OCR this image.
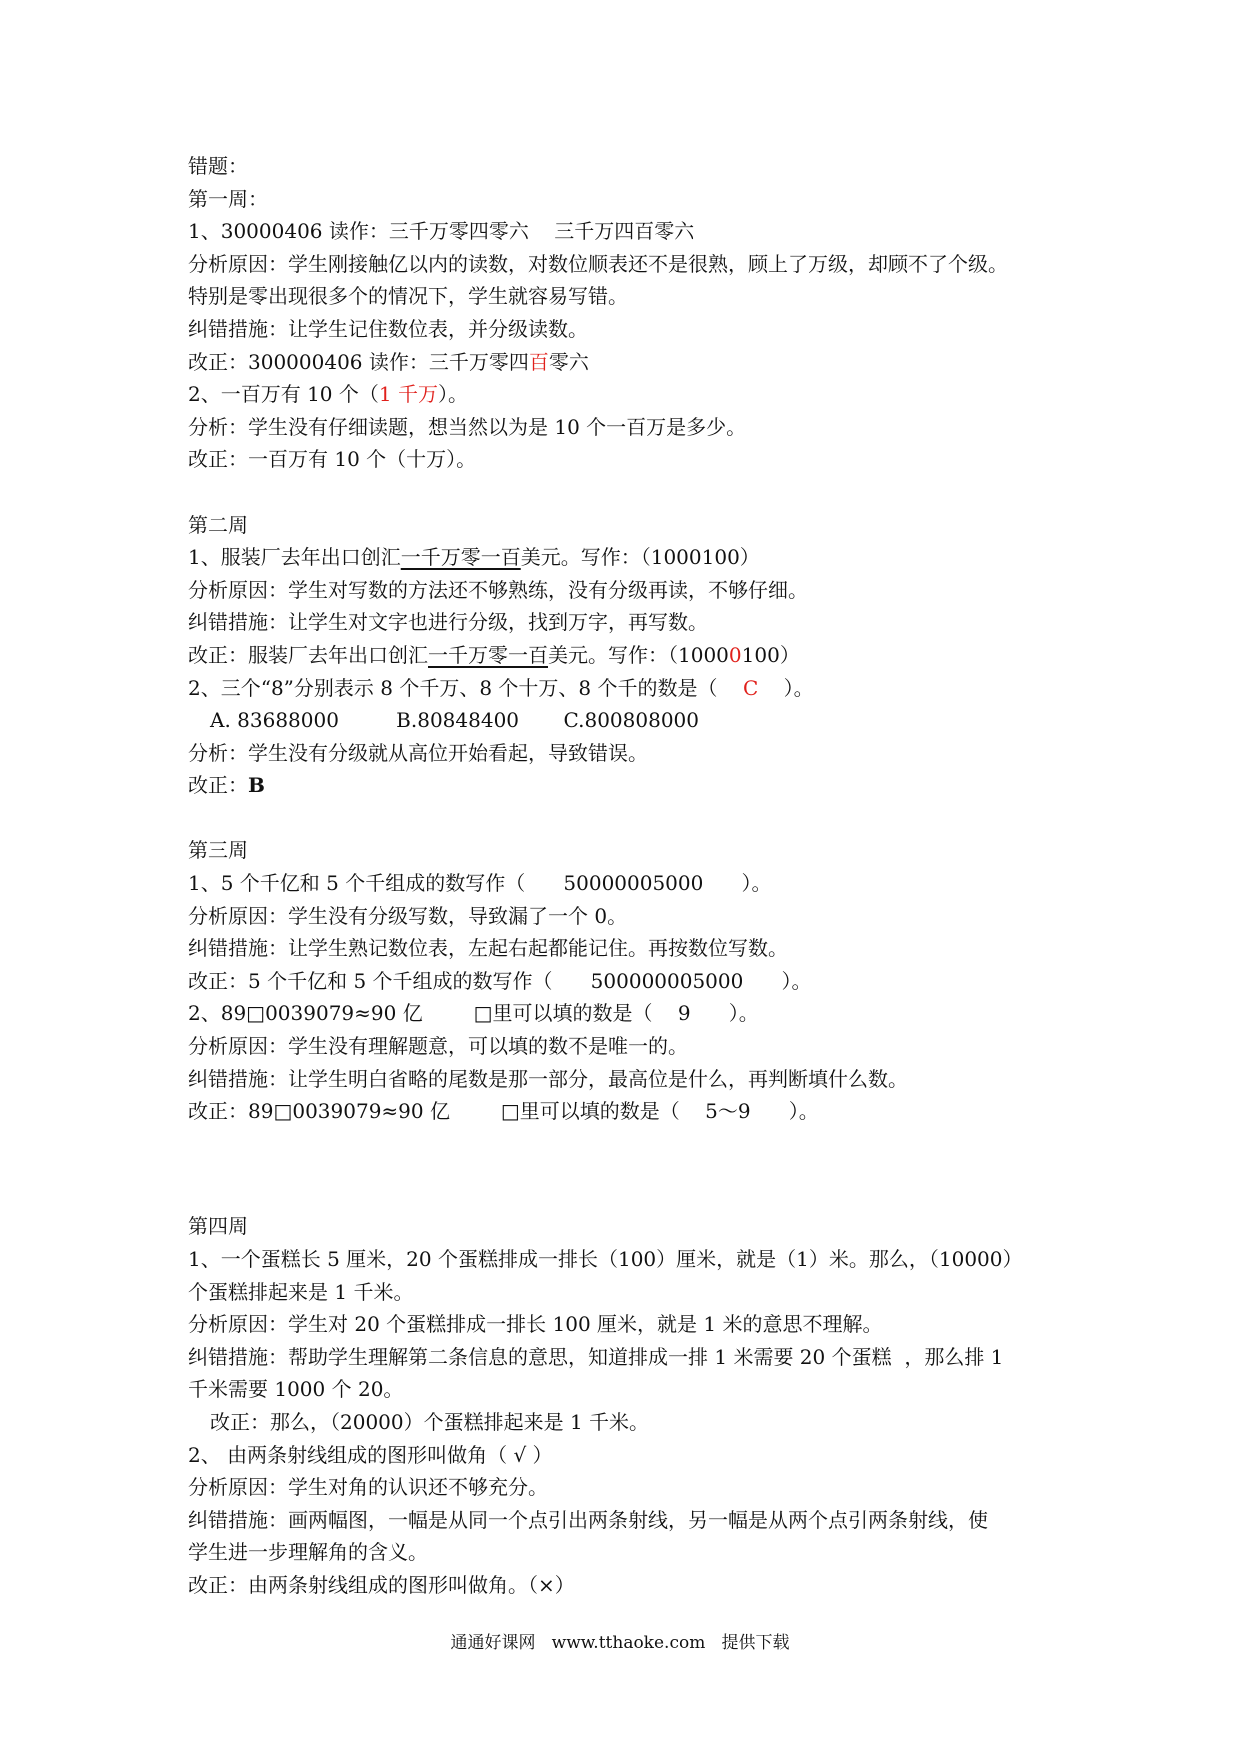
错题：
第一周：
1、30000406 读作：三千万零四零六    三千万四百零六
分析原因：学生刚接触亿以内的读数，对数位顺表还不是很熟，顾上了万级，却顾不了个级。
特别是零出现很多个的情况下，学生就容易写错。
纠错措施：让学生记住数位表，并分级读数。
改正：300000406 读作：三千万零四百零六
2、一百万有 10 个（1 千万）。
分析：学生没有仔细读题，想当然以为是 10 个一百万是多少。
改正：一百万有 10 个（十万）。
第二周
1、服装厂去年出口创汇一千万零一百美元。写作：（1000100）
分析原因：学生对写数的方法还不够熟练，没有分级再读，不够仔细。
纠错措施：让学生对文字也进行分级，找到万字，再写数。
改正：服装厂去年出口创汇一千万零一百美元。写作：（10000100）
2、三个“8”分别表示 8 个千万、8 个十万、8 个千的数是（    C    ）。
A. 83688000         B.80848400       C.800808000
分析：学生没有分级就从高位开始看起，导致错误。
改正：B
第三周
1、5 个千亿和 5 个千组成的数写作（      50000005000      ）。
分析原因：学生没有分级写数，导致漏了一个 0。
纠错措施：让学生熟记数位表，左起右起都能记住。再按数位写数。
改正：5 个千亿和 5 个千组成的数写作（      500000005000      ）。
2、89□0039079≈90 亿        □里可以填的数是（    9      ）。
分析原因：学生没有理解题意，可以填的数不是唯一的。
纠错措施：让学生明白省略的尾数是那一部分，最高位是什么，再判断填什么数。
改正：89□0039079≈90 亿        □里可以填的数是（    5～9      ）。
第四周
1、一个蛋糕长 5 厘米，20 个蛋糕排成一排长（100）厘米，就是（1）米。那么，（10000）
个蛋糕排起来是 1 千米。
分析原因：学生对 20 个蛋糕排成一排长 100 厘米，就是 1 米的意思不理解。
纠错措施：帮助学生理解第二条信息的意思，知道排成一排 1 米需要 20 个蛋糕  ，那么排 1
千米需要 1000 个 20。
改正：那么，（20000）个蛋糕排起来是 1 千米。
2、 由两条射线组成的图形叫做角（ √ ）
分析原因：学生对角的认识还不够充分。
纠错措施：画两幅图，一幅是从同一个点引出两条射线，另一幅是从两个点引两条射线，使
学生进一步理解角的含义。
改正：由两条射线组成的图形叫做角。（×）
通通好课网   www.tthaoke.com   提供下载
